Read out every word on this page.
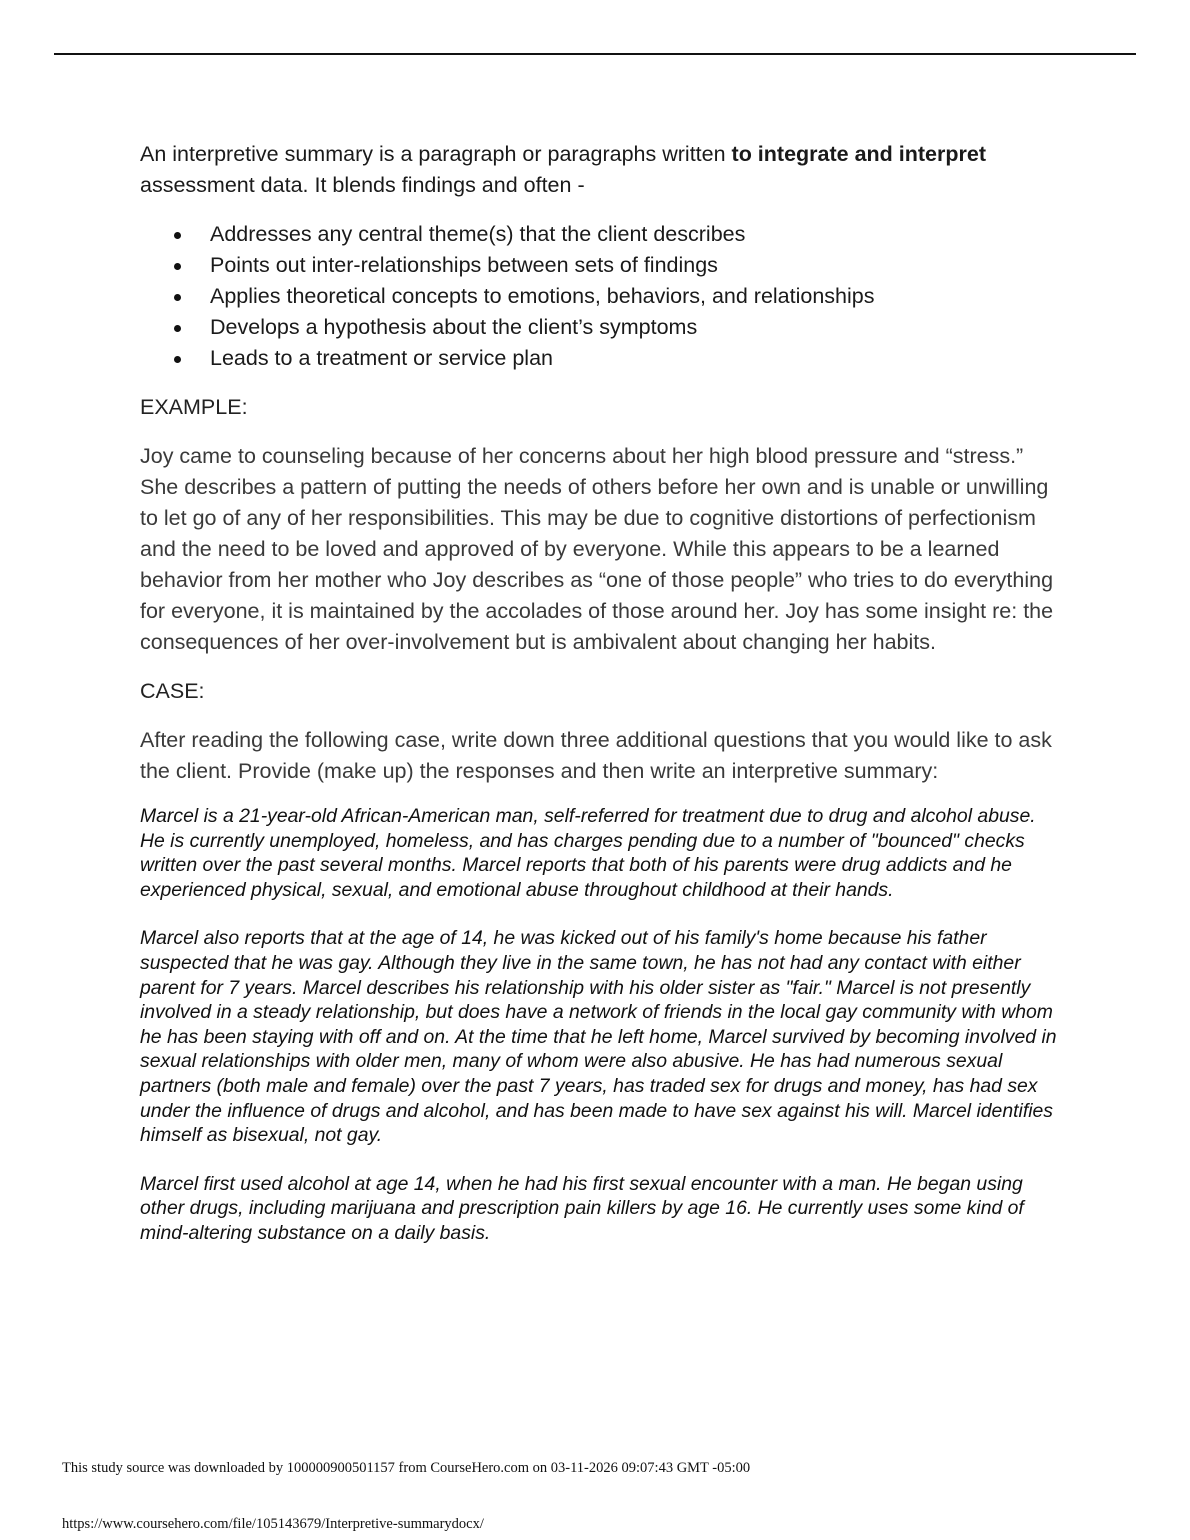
An interpretive summary is a paragraph or paragraphs written to integrate and interpret assessment data. It blends findings and often -

Addresses any central theme(s) that the client describes
Points out inter-relationships between sets of findings
Applies theoretical concepts to emotions, behaviors, and relationships
Develops a hypothesis about the client’s symptoms
Leads to a treatment or service plan

EXAMPLE:

Joy came to counseling because of her concerns about her high blood pressure and “stress.” She describes a pattern of putting the needs of others before her own and is unable or unwilling to let go of any of her responsibilities. This may be due to cognitive distortions of perfectionism and the need to be loved and approved of by everyone. While this appears to be a learned behavior from her mother who Joy describes as “one of those people” who tries to do everything for everyone, it is maintained by the accolades of those around her. Joy has some insight re: the consequences of her over-involvement but is ambivalent about changing her habits.

CASE:

After reading the following case, write down three additional questions that you would like to ask the client. Provide (make up) the responses and then write an interpretive summary:

Marcel is a 21-year-old African-American man, self-referred for treatment due to drug and alcohol abuse. He is currently unemployed, homeless, and has charges pending due to a number of "bounced" checks written over the past several months. Marcel reports that both of his parents were drug addicts and he experienced physical, sexual, and emotional abuse throughout childhood at their hands.

Marcel also reports that at the age of 14, he was kicked out of his family's home because his father suspected that he was gay. Although they live in the same town, he has not had any contact with either parent for 7 years. Marcel describes his relationship with his older sister as "fair." Marcel is not presently involved in a steady relationship, but does have a network of friends in the local gay community with whom he has been staying with off and on. At the time that he left home, Marcel survived by becoming involved in sexual relationships with older men, many of whom were also abusive. He has had numerous sexual partners (both male and female) over the past 7 years, has traded sex for drugs and money, has had sex under the influence of drugs and alcohol, and has been made to have sex against his will. Marcel identifies himself as bisexual, not gay.

Marcel first used alcohol at age 14, when he had his first sexual encounter with a man. He began using other drugs, including marijuana and prescription pain killers by age 16. He currently uses some kind of mind-altering substance on a daily basis.

This study source was downloaded by 100000900501157 from CourseHero.com on 03-11-2026 09:07:43 GMT -05:00
https://www.coursehero.com/file/105143679/Interpretive-summarydocx/
